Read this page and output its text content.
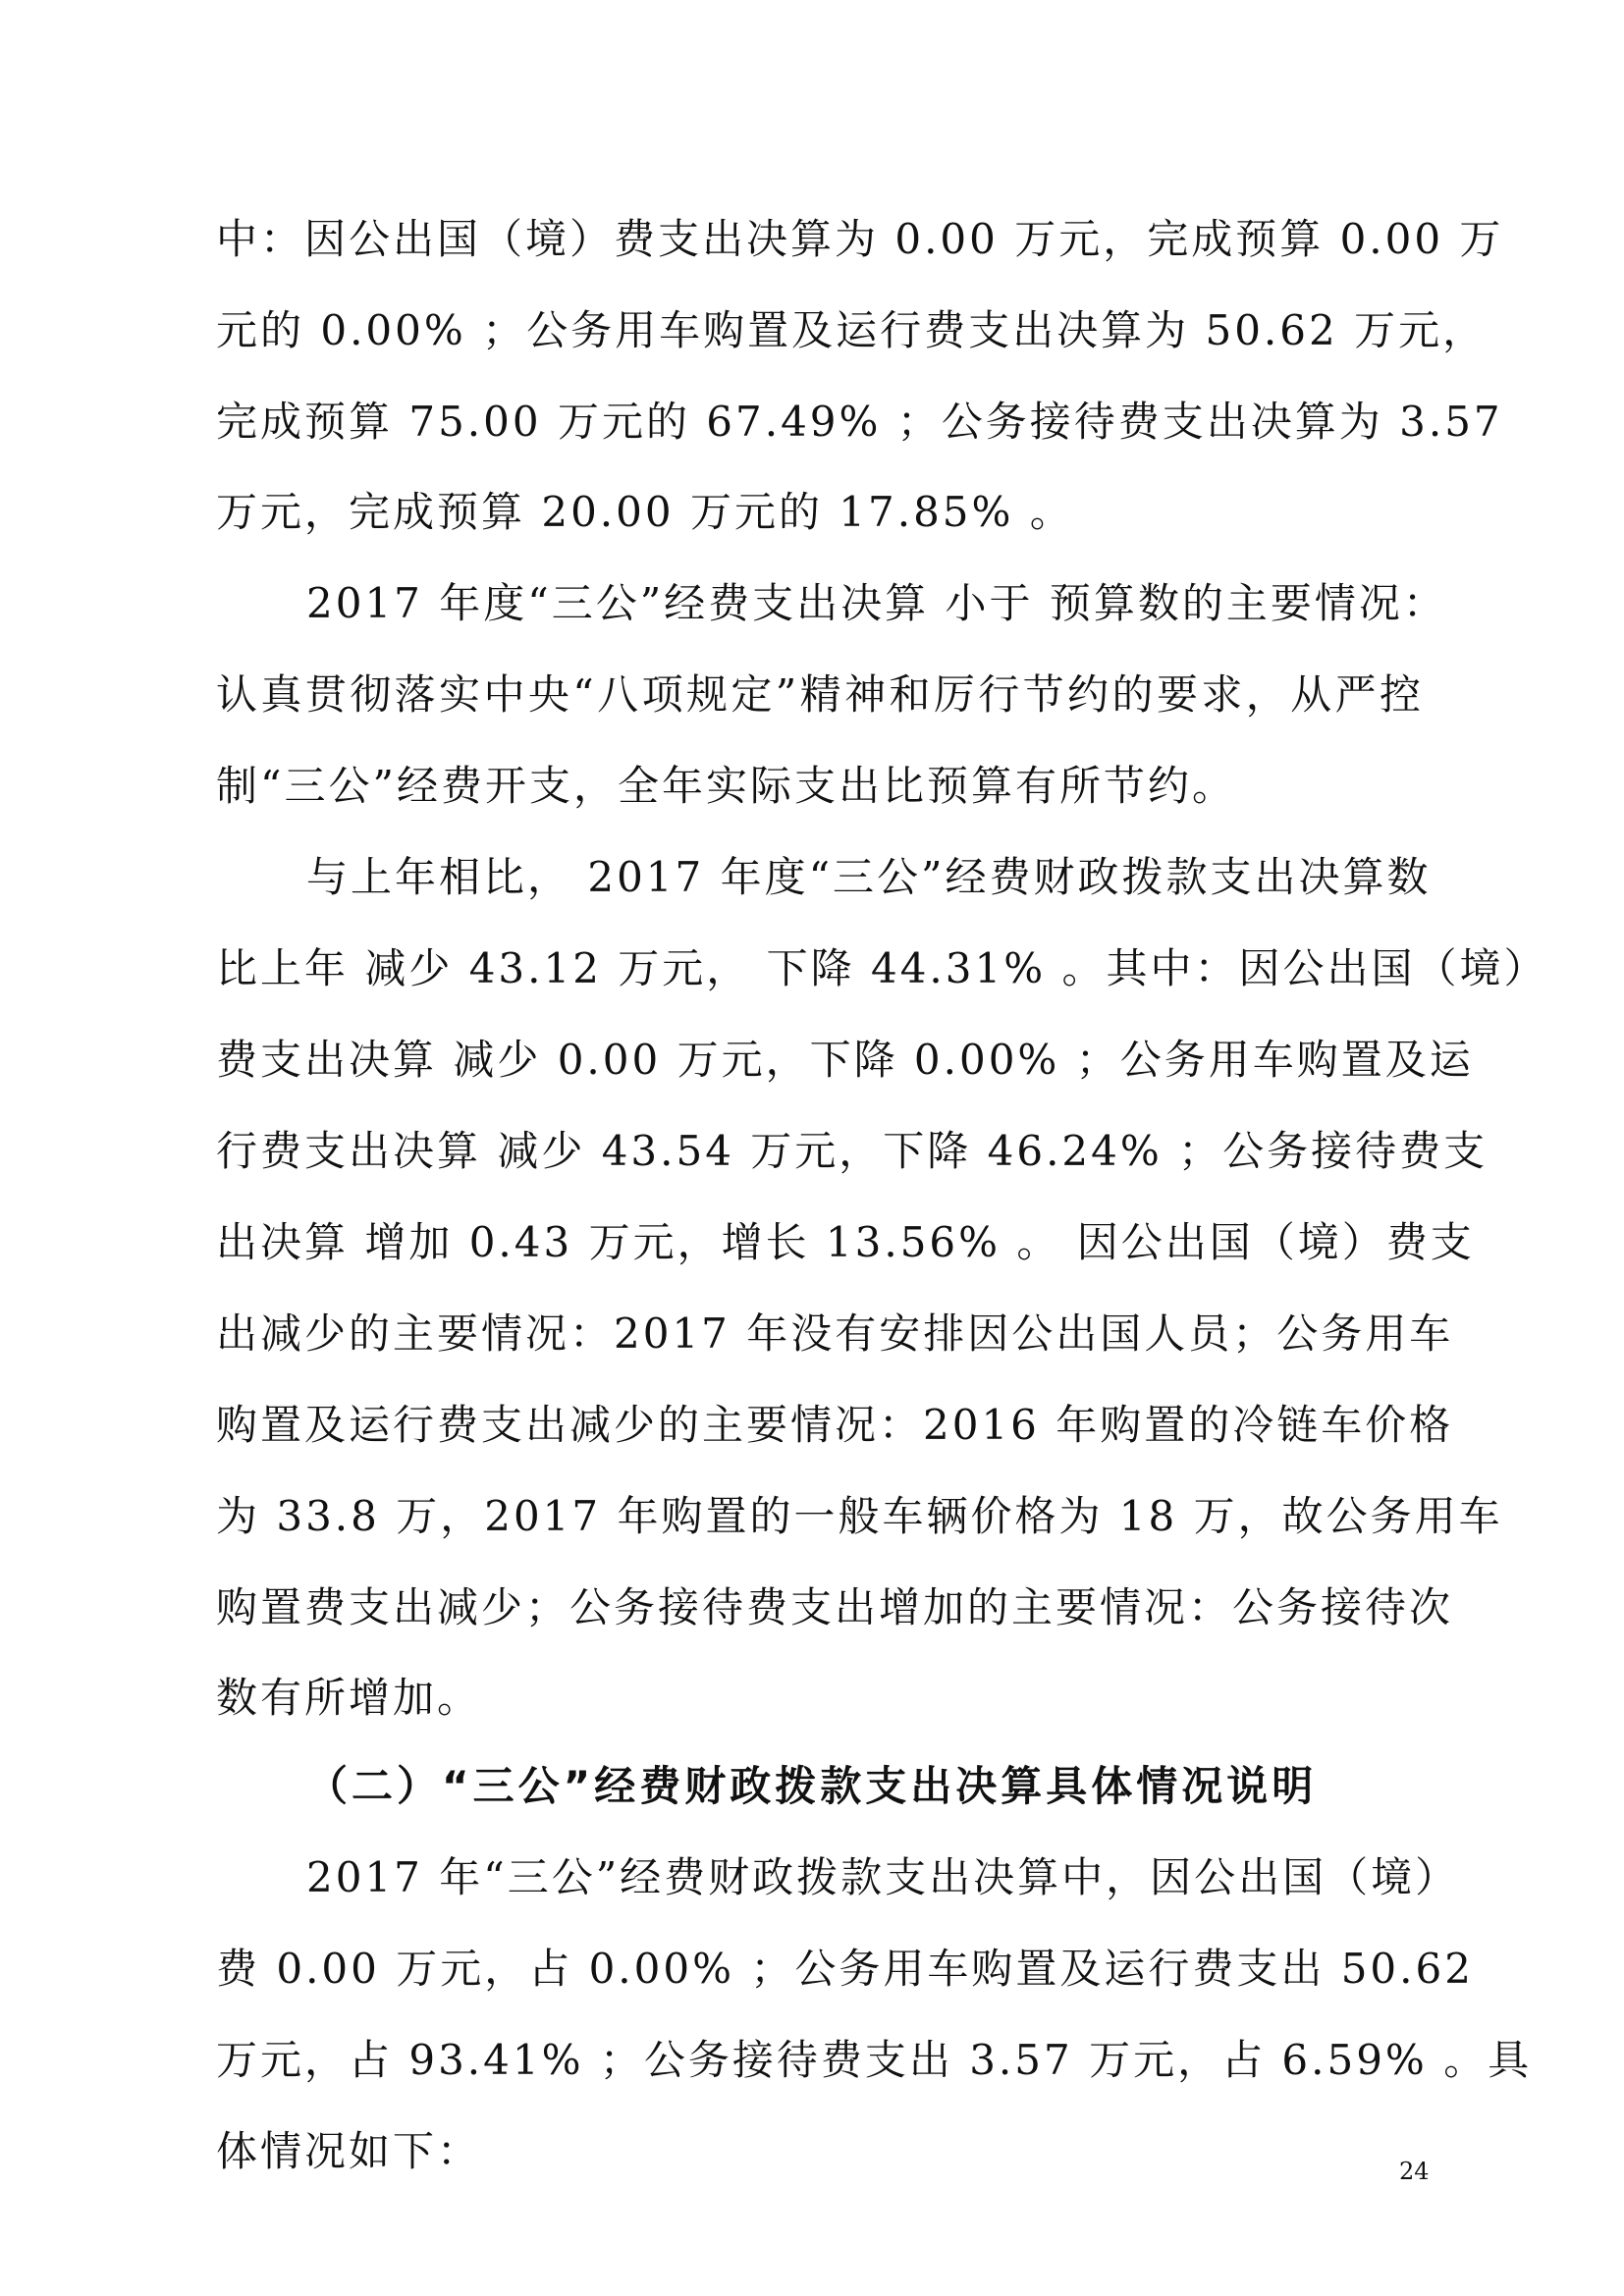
中：因公出国（境）费支出决算为 0.00 万元，完成预算 0.00 万
元的 0.00% ；公务用车购置及运行费支出决算为 50.62 万元，
完成预算 75.00 万元的 67.49% ；公务接待费支出决算为 3.57
万元，完成预算 20.00 万元的 17.85% 。
2017 年度“三公”经费支出决算 小于 预算数的主要情况：
认真贯彻落实中央“八项规定”精神和厉行节约的要求，从严控
制“三公”经费开支，全年实际支出比预算有所节约。
与上年相比， 2017 年度“三公”经费财政拨款支出决算数
比上年 减少 43.12 万元， 下降 44.31% 。其中：因公出国（境）
费支出决算 减少 0.00 万元，下降 0.00% ；公务用车购置及运
行费支出决算 减少 43.54 万元，下降 46.24% ；公务接待费支
出决算 增加 0.43 万元，增长 13.56% 。 因公出国（境）费支
出减少的主要情况：2017 年没有安排因公出国人员；公务用车
购置及运行费支出减少的主要情况：2016 年购置的冷链车价格
为 33.8 万，2017 年购置的一般车辆价格为 18 万，故公务用车
购置费支出减少；公务接待费支出增加的主要情况：公务接待次
数有所增加。
（二）“三公”经费财政拨款支出决算具体情况说明
2017 年“三公”经费财政拨款支出决算中，因公出国（境）
费 0.00 万元，占 0.00% ；公务用车购置及运行费支出 50.62
万元，占 93.41% ；公务接待费支出 3.57 万元，占 6.59% 。具
体情况如下：	24
